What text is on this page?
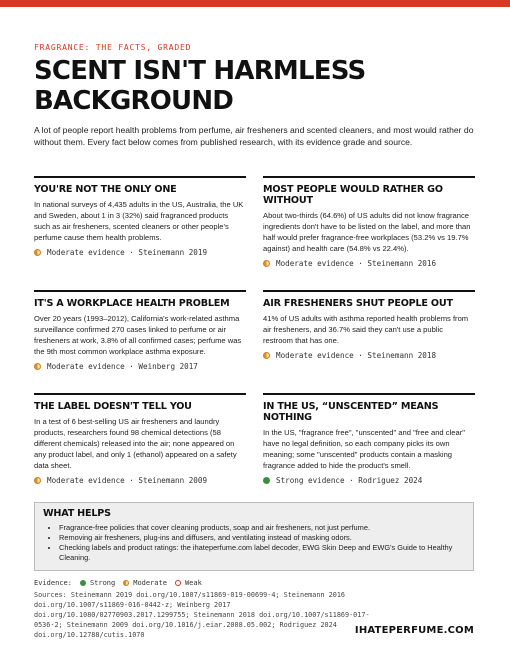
FRAGRANCE: THE FACTS, GRADED
SCENT ISN'T HARMLESS BACKGROUND
A lot of people report health problems from perfume, air fresheners and scented cleaners, and most would rather do without them. Every fact below comes from published research, with its evidence grade and source.
YOU'RE NOT THE ONLY ONE

In national surveys of 4,435 adults in the US, Australia, the UK and Sweden, about 1 in 3 (32%) said fragranced products such as air fresheners, scented cleaners or other people's perfume cause them health problems.

Moderate evidence · Steinemann 2019
MOST PEOPLE WOULD RATHER GO WITHOUT

About two-thirds (64.6%) of US adults did not know fragrance ingredients don't have to be listed on the label, and more than half would prefer fragrance-free workplaces (53.2% vs 19.7% against) and health care (54.8% vs 22.4%).

Moderate evidence · Steinemann 2016
IT'S A WORKPLACE HEALTH PROBLEM

Over 20 years (1993–2012), California's work-related asthma surveillance confirmed 270 cases linked to perfume or air fresheners at work, 3.8% of all confirmed cases; perfume was the 9th most common workplace asthma exposure.

Moderate evidence · Weinberg 2017
AIR FRESHENERS SHUT PEOPLE OUT

41% of US adults with asthma reported health problems from air fresheners, and 36.7% said they can't use a public restroom that has one.

Moderate evidence · Steinemann 2018
THE LABEL DOESN'T TELL YOU

In a test of 6 best-selling US air fresheners and laundry products, researchers found 98 chemical detections (58 different chemicals) released into the air; none appeared on any product label, and only 1 (ethanol) appeared on a safety data sheet.

Moderate evidence · Steinemann 2009
IN THE US, “UNSCENTED” MEANS NOTHING

In the US, "fragrance free", "unscented" and "free and clear" have no legal definition, so each company picks its own meaning; some "unscented" products contain a masking fragrance added to hide the product's smell.

Strong evidence · Rodriguez 2024
WHAT HELPS
• Fragrance-free policies that cover cleaning products, soap and air fresheners, not just perfume.
• Removing air fresheners, plug-ins and diffusers, and ventilating instead of masking odors.
• Checking labels and product ratings: the ihateperfume.com label decoder, EWG Skin Deep and EWG's Guide to Healthy Cleaning.
Evidence:	Strong	Moderate	Weak
Sources: Steinemann 2019 doi.org/10.1007/s11869-019-00699-4; Steinemann 2016 doi.org/10.1007/s11869-016-0442-z; Weinberg 2017 doi.org/10.1080/02770903.2017.1299755; Steinemann 2018 doi.org/10.1007/s11869-017-0536-2; Steinemann 2009 doi.org/10.1016/j.eiar.2008.05.002; Rodriguez 2024 doi.org/10.12788/cutis.1070	IHATEPERFUME.COM
